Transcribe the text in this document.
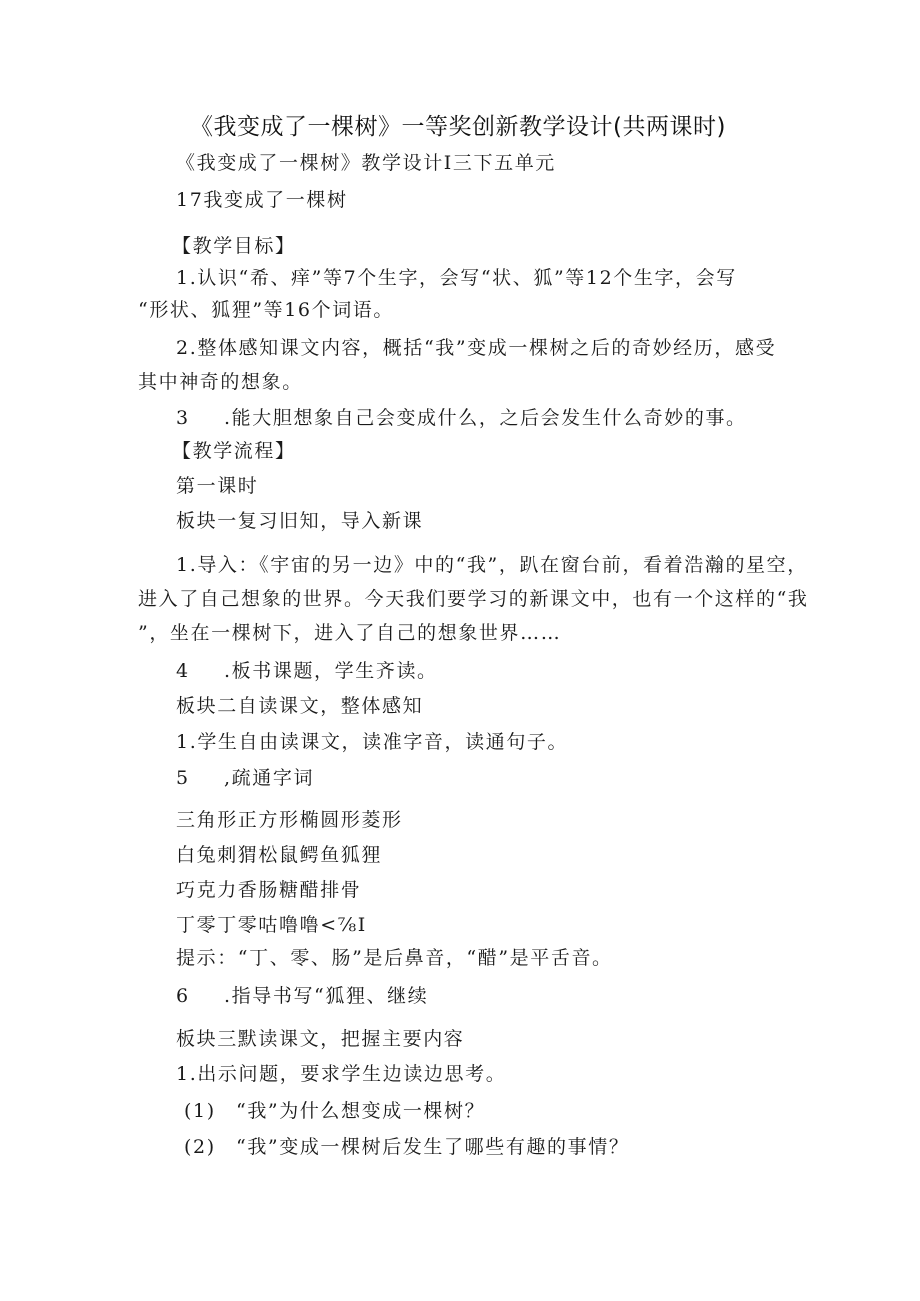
《我变成了一棵树》一等奖创新教学设计(共两课时)
《我变成了一棵树》教学设计I三下五单元
17我变成了一棵树
【教学目标】
1.认识“希、痒”等7个生字，会写“状、狐”等12个生字，会写
“形状、狐狸”等16个词语。
2.整体感知课文内容，概括“我”变成一棵树之后的奇妙经历，感受
其中神奇的想象。
3 .能大胆想象自己会变成什么，之后会发生什么奇妙的事。
【教学流程】
第一课时
板块一复习旧知，导入新课
1.导入：《宇宙的另一边》中的“我”，趴在窗台前，看着浩瀚的星空，
进入了自己想象的世界。今天我们要学习的新课文中，也有一个这样的“我
”，坐在一棵树下，进入了自己的想象世界……
4 .板书课题，学生齐读。
板块二自读课文，整体感知
1.学生自由读课文，读准字音，读通句子。
5 ,疏通字词
三角形正方形椭圆形菱形
白兔刺猬松鼠鳄鱼狐狸
巧克力香肠糖醋排骨
丁零丁零咕噜噜<⅞I
提示：“丁、零、肠”是后鼻音，“醋”是平舌音。
6 .指导书写“狐狸、继续
板块三默读课文，把握主要内容
1.出示问题，要求学生边读边思考。
(1) “我”为什么想变成一棵树？
(2) “我”变成一棵树后发生了哪些有趣的事情？
